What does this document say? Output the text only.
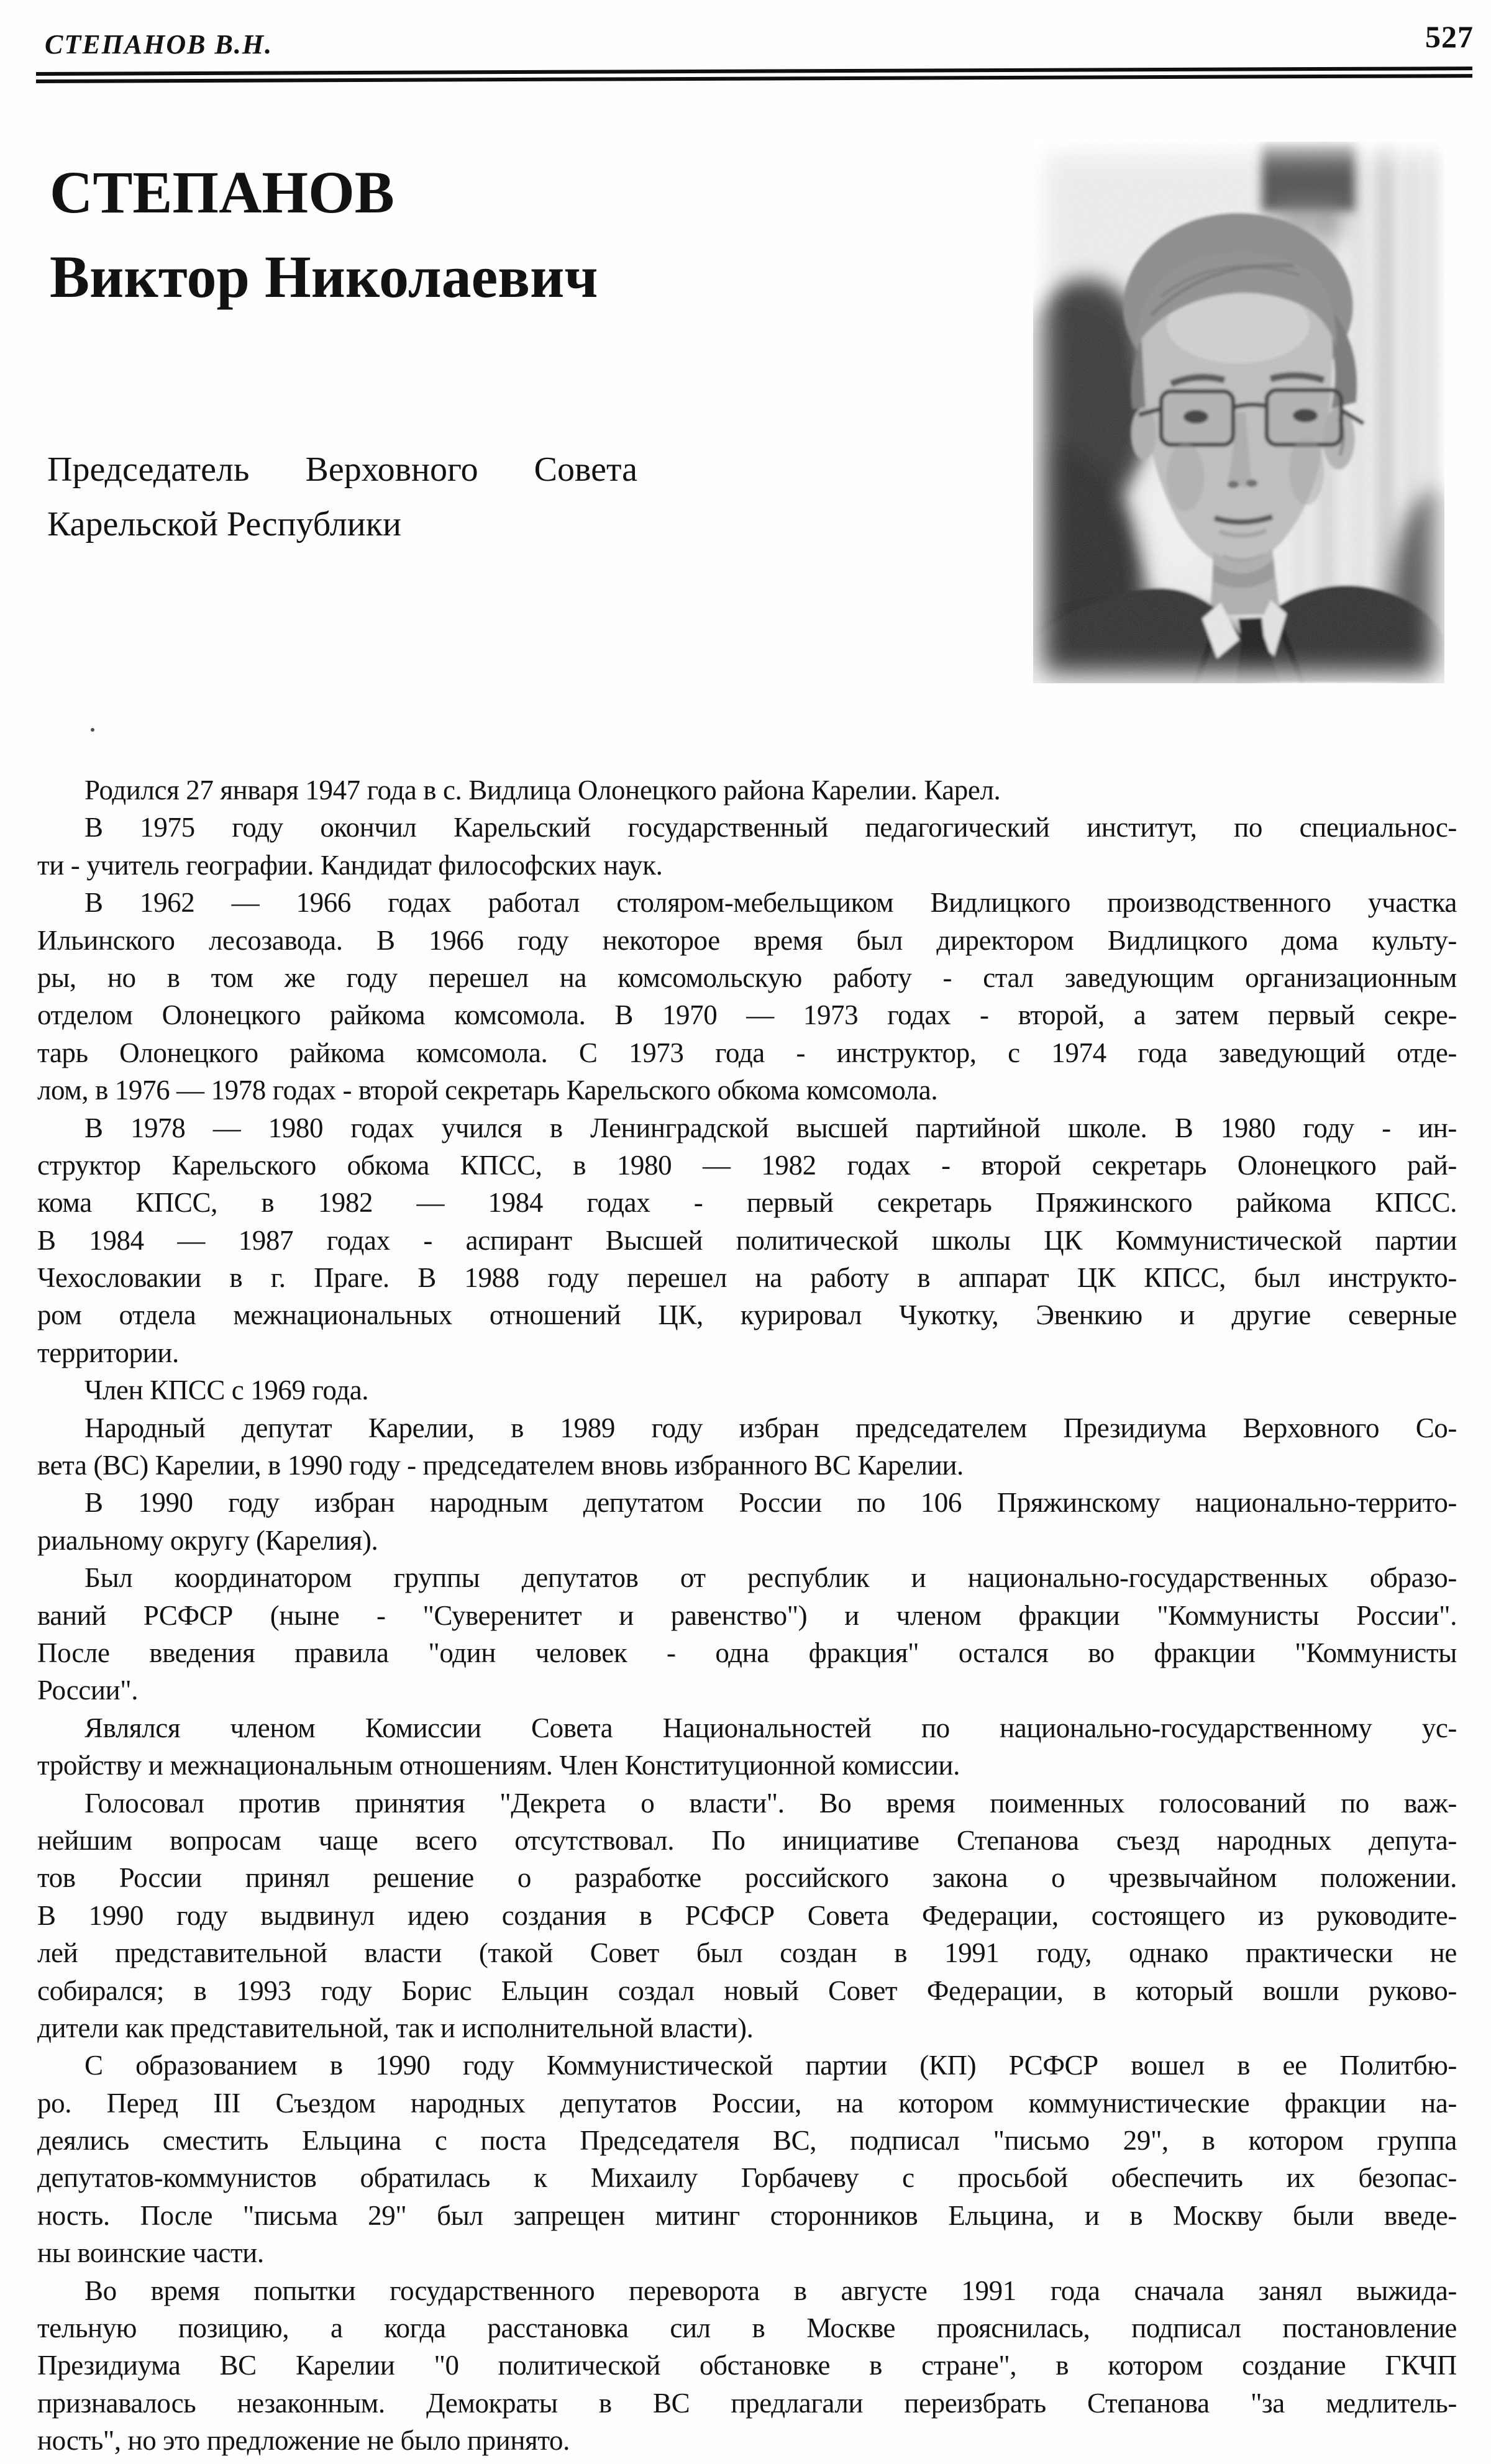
СТЕПАНОВ В.Н.	527
СТЕПАНОВ
Виктор Николаевич
Председатель Верховного Совета
Карельской Республики
Родился 27 января 1947 года в с. Видлица Олонецкого района Карелии. Карел.
В 1975 году окончил Карельский государственный педагогический институт, по специальнос-
ти - учитель географии. Кандидат философских наук.
В 1962 — 1966 годах работал столяром-мебельщиком Видлицкого производственного участка
Ильинского лесозавода. В 1966 году некоторое время был директором Видлицкого дома культу-
ры, но в том же году перешел на комсомольскую работу - стал заведующим организационным
отделом Олонецкого райкома комсомола. В 1970 — 1973 годах - второй, а затем первый секре-
тарь Олонецкого райкома комсомола. С 1973 года - инструктор, с 1974 года заведующий отде-
лом, в 1976 — 1978 годах - второй секретарь Карельского обкома комсомола.
В 1978 — 1980 годах учился в Ленинградской высшей партийной школе. В 1980 году - ин-
структор Карельского обкома КПСС, в 1980 — 1982 годах - второй секретарь Олонецкого рай-
кома КПСС, в 1982 — 1984 годах - первый секретарь Пряжинского райкома КПСС.
В 1984 — 1987 годах - аспирант Высшей политической школы ЦК Коммунистической партии
Чехословакии в г. Праге. В 1988 году перешел на работу в аппарат ЦК КПСС, был инструкто-
ром отдела межнациональных отношений ЦК, курировал Чукотку, Эвенкию и другие северные
территории.
Член КПСС с 1969 года.
Народный депутат Карелии, в 1989 году избран председателем Президиума Верховного Со-
вета (ВС) Карелии, в 1990 году - председателем вновь избранного ВС Карелии.
В 1990 году избран народным депутатом России по 106 Пряжинскому национально-террито-
риальному округу (Карелия).
Был координатором группы депутатов от республик и национально-государственных образо-
ваний РСФСР (ныне - "Суверенитет и равенство") и членом фракции "Коммунисты России".
После введения правила "один человек - одна фракция" остался во фракции "Коммунисты
России".
Являлся членом Комиссии Совета Национальностей по национально-государственному ус-
тройству и межнациональным отношениям. Член Конституционной комиссии.
Голосовал против принятия "Декрета о власти". Во время поименных голосований по важ-
нейшим вопросам чаще всего отсутствовал. По инициативе Степанова съезд народных депута-
тов России принял решение о разработке российского закона о чрезвычайном положении.
В 1990 году выдвинул идею создания в РСФСР Совета Федерации, состоящего из руководите-
лей представительной власти (такой Совет был создан в 1991 году, однако практически не
собирался; в 1993 году Борис Ельцин создал новый Совет Федерации, в который вошли руково-
дители как представительной, так и исполнительной власти).
С образованием в 1990 году Коммунистической партии (КП) РСФСР вошел в ее Политбю-
ро. Перед III Съездом народных депутатов России, на котором коммунистические фракции на-
деялись сместить Ельцина с поста Председателя ВС, подписал "письмо 29", в котором группа
депутатов-коммунистов обратилась к Михаилу Горбачеву с просьбой обеспечить их безопас-
ность. После "письма 29" был запрещен митинг сторонников Ельцина, и в Москву были введе-
ны воинские части.
Во время попытки государственного переворота в августе 1991 года сначала занял выжида-
тельную позицию, а когда расстановка сил в Москве прояснилась, подписал постановление
Президиума ВС Карелии "0 политической обстановке в стране", в котором создание ГКЧП
признавалось незаконным. Демократы в ВС предлагали переизбрать Степанова "за медлитель-
ность", но это предложение не было принято.
